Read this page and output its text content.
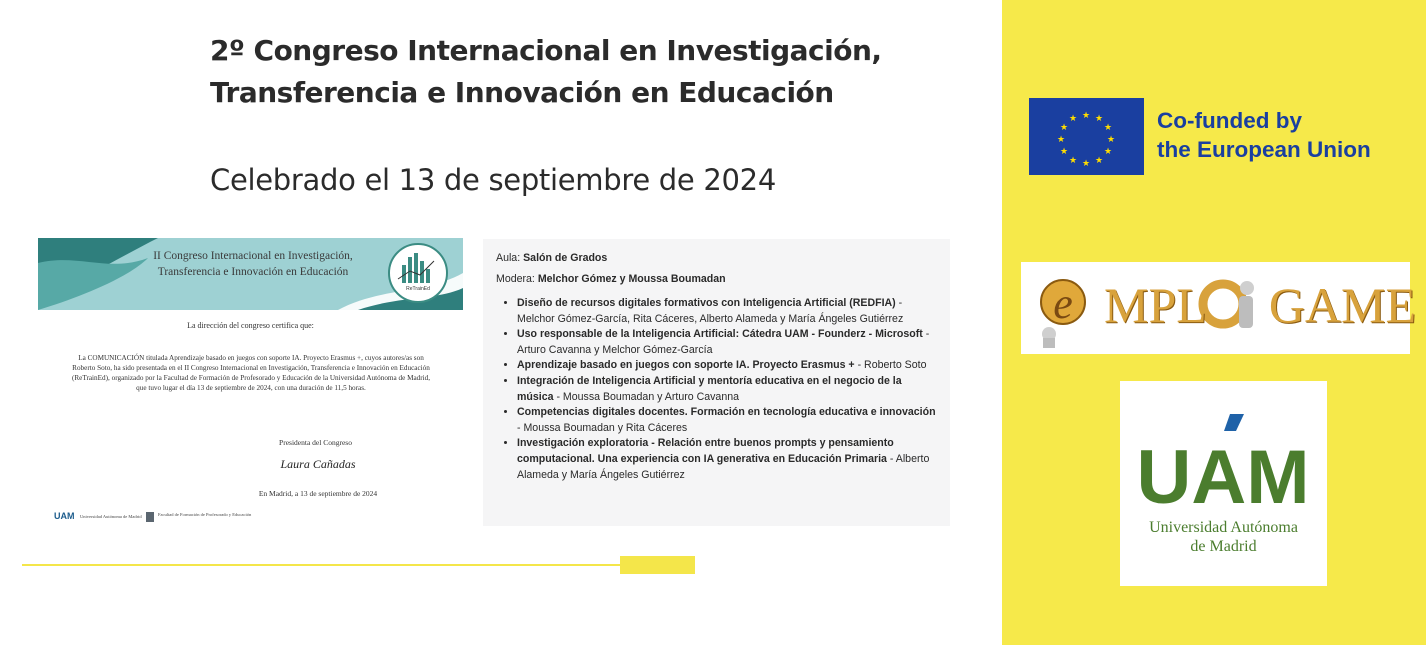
2º Congreso Internacional en Investigación, Transferencia e Innovación en Educación
Celebrado el 13 de septiembre de 2024
II Congreso Internacional en Investigación, Transferencia e Innovación en Educación
ReTrainEd
La dirección del congreso certifica que:
La COMUNICACIÓN titulada Aprendizaje basado en juegos con soporte IA. Proyecto Erasmus +, cuyos autores/as son Roberto Soto, ha sido presentada en el II Congreso Internacional en Investigación, Transferencia e Innovación en Educación (ReTrainEd), organizado por la Facultad de Formación de Profesorado y Educación de la Universidad Autónoma de Madrid, que tuvo lugar el día 13 de septiembre de 2024, con una duración de 11,5 horas.
Presidenta del Congreso
Laura Cañadas
En Madrid, a 13 de septiembre de 2024
UAM Universidad Autónoma de Madrid	Facultad de Formación de Profesorado y Educación
Aula: Salón de Grados
Modera: Melchor Gómez y Moussa Boumadan
• Diseño de recursos digitales formativos con Inteligencia Artificial (REDFIA) - Melchor Gómez-García, Rita Cáceres, Alberto Alameda y María Ángeles Gutiérrez
• Uso responsable de la Inteligencia Artificial: Cátedra UAM - Founderz - Microsoft - Arturo Cavanna y Melchor Gómez-García
• Aprendizaje basado en juegos con soporte IA. Proyecto Erasmus + - Roberto Soto
• Integración de Inteligencia Artificial y mentoría educativa en el negocio de la música - Moussa Boumadan y Arturo Cavanna
• Competencias digitales docentes. Formación en tecnología educativa e innovación - Moussa Boumadan y Rita Cáceres
• Investigación exploratoria - Relación entre buenos prompts y pensamiento computacional. Una experiencia con IA generativa en Educación Primaria - Alberto Alameda y María Ángeles Gutiérrez
★ ★
★
★
★
★
★
★
★
★
★
★	Co-funded by
the European Union
e MPL GAME
UAM
Universidad Autónoma
de Madrid
